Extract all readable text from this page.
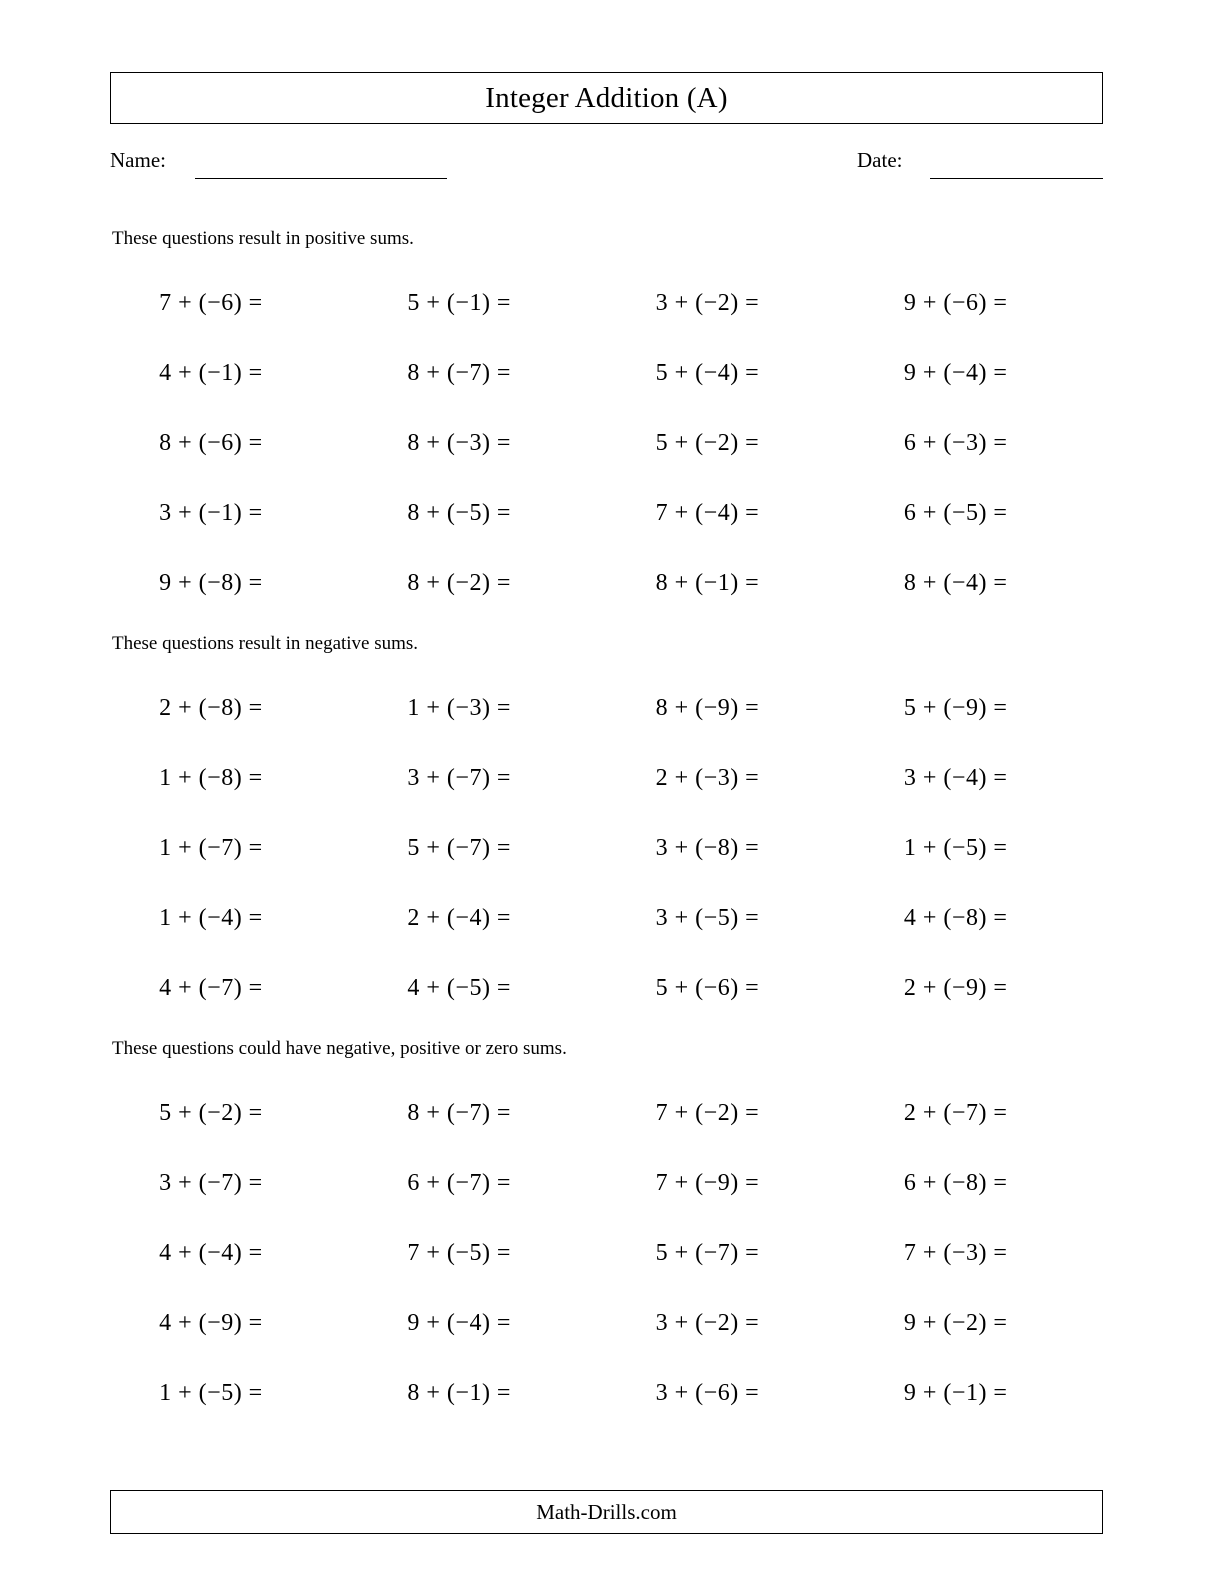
Integer Addition (A)
Name:	Date:

These questions result in positive sums.

7 + (−6) =	5 + (−1) =	3 + (−2) =	9 + (−6) =
4 + (−1) =	8 + (−7) =	5 + (−4) =	9 + (−4) =
8 + (−6) =	8 + (−3) =	5 + (−2) =	6 + (−3) =
3 + (−1) =	8 + (−5) =	7 + (−4) =	6 + (−5) =
9 + (−8) =	8 + (−2) =	8 + (−1) =	8 + (−4) =

These questions result in negative sums.

2 + (−8) =	1 + (−3) =	8 + (−9) =	5 + (−9) =
1 + (−8) =	3 + (−7) =	2 + (−3) =	3 + (−4) =
1 + (−7) =	5 + (−7) =	3 + (−8) =	1 + (−5) =
1 + (−4) =	2 + (−4) =	3 + (−5) =	4 + (−8) =
4 + (−7) =	4 + (−5) =	5 + (−6) =	2 + (−9) =

These questions could have negative, positive or zero sums.

5 + (−2) =	8 + (−7) =	7 + (−2) =	2 + (−7) =
3 + (−7) =	6 + (−7) =	7 + (−9) =	6 + (−8) =
4 + (−4) =	7 + (−5) =	5 + (−7) =	7 + (−3) =
4 + (−9) =	9 + (−4) =	3 + (−2) =	9 + (−2) =
1 + (−5) =	8 + (−1) =	3 + (−6) =	9 + (−1) =
Math-Drills.com
